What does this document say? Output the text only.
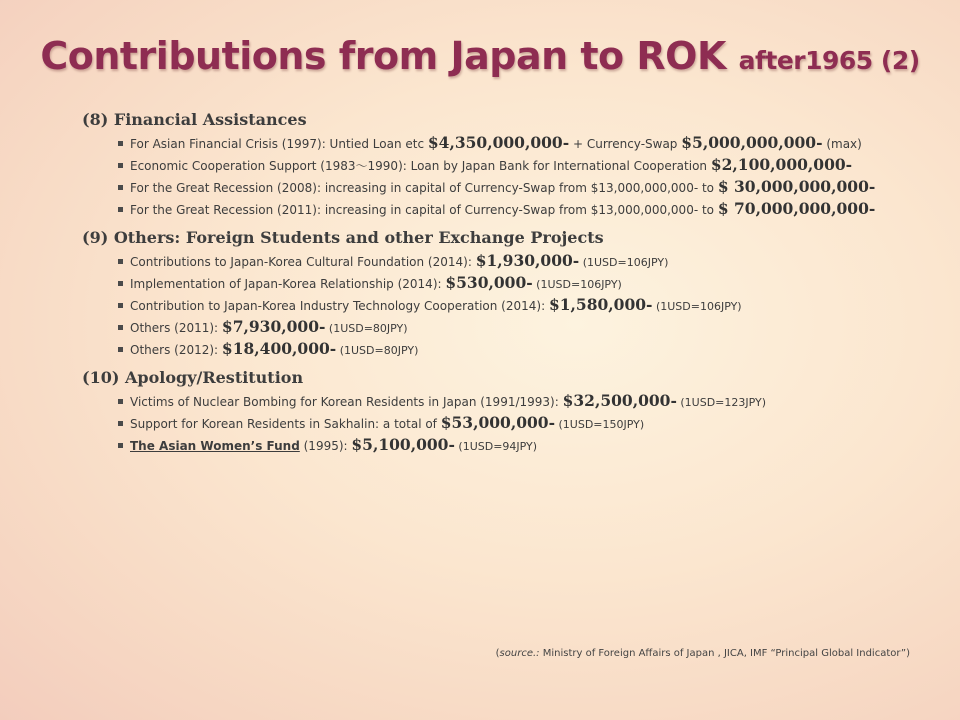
Contributions from Japan to ROK after1965 (2)
(8) Financial Assistances
For Asian Financial Crisis (1997): Untied Loan etc $4,350,000,000- + Currency-Swap $5,000,000,000- (max)
Economic Cooperation Support (1983～1990): Loan by Japan Bank for International Cooperation $2,100,000,000-
For the Great Recession (2008): increasing in capital of Currency-Swap from $13,000,000,000- to $ 30,000,000,000-
For the Great Recession (2011): increasing in capital of Currency-Swap from $13,000,000,000- to $ 70,000,000,000-
(9) Others: Foreign Students and other Exchange Projects
Contributions to Japan-Korea Cultural Foundation (2014): $1,930,000- (1USD=106JPY)
Implementation of Japan-Korea Relationship (2014): $530,000- (1USD=106JPY)
Contribution to Japan-Korea Industry Technology Cooperation (2014): $1,580,000- (1USD=106JPY)
Others (2011): $7,930,000- (1USD=80JPY)
Others (2012): $18,400,000- (1USD=80JPY)
(10) Apology/Restitution
Victims of Nuclear Bombing for Korean Residents in Japan (1991/1993): $32,500,000- (1USD=123JPY)
Support for Korean Residents in Sakhalin: a total of $53,000,000- (1USD=150JPY)
The Asian Women’s Fund (1995): $5,100,000- (1USD=94JPY)
(source.: Ministry of Foreign Affairs of Japan , JICA, IMF “Principal Global Indicator”)
